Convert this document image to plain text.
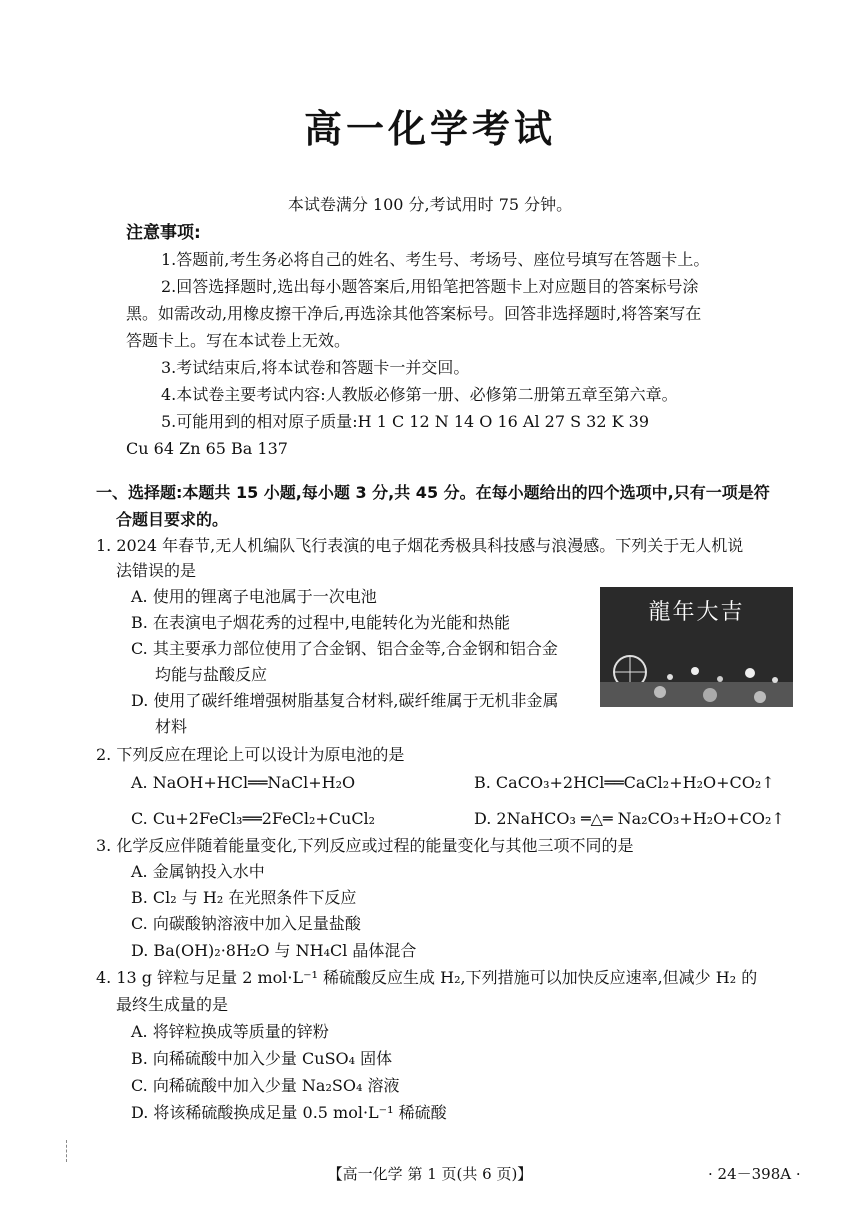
高一化学考试
本试卷满分 100 分,考试用时 75 分钟。
注意事项:
1.答题前,考生务必将自己的姓名、考生号、考场号、座位号填写在答题卡上。
2.回答选择题时,选出每小题答案后,用铅笔把答题卡上对应题目的答案标号涂
黑。如需改动,用橡皮擦干净后,再选涂其他答案标号。回答非选择题时,将答案写在
答题卡上。写在本试卷上无效。
3.考试结束后,将本试卷和答题卡一并交回。
4.本试卷主要考试内容:人教版必修第一册、必修第二册第五章至第六章。
5.可能用到的相对原子质量:H 1 C 12 N 14 O 16 Al 27 S 32 K 39
Cu 64 Zn 65 Ba 137
一、选择题:本题共 15 小题,每小题 3 分,共 45 分。在每小题给出的四个选项中,只有一项是符
合题目要求的。
1. 2024 年春节,无人机编队飞行表演的电子烟花秀极具科技感与浪漫感。下列关于无人机说
法错误的是
A. 使用的锂离子电池属于一次电池
B. 在表演电子烟花秀的过程中,电能转化为光能和热能
C. 其主要承力部位使用了合金钢、铝合金等,合金钢和铝合金
均能与盐酸反应
D. 使用了碳纤维增强树脂基复合材料,碳纤维属于无机非金属
材料
龍年大吉
2. 下列反应在理论上可以设计为原电池的是
A. NaOH+HCl══NaCl+H₂O	B. CaCO₃+2HCl══CaCl₂+H₂O+CO₂↑
C. Cu+2FeCl₃══2FeCl₂+CuCl₂	D. 2NaHCO₃ ═△═ Na₂CO₃+H₂O+CO₂↑
3. 化学反应伴随着能量变化,下列反应或过程的能量变化与其他三项不同的是
A. 金属钠投入水中
B. Cl₂ 与 H₂ 在光照条件下反应
C. 向碳酸钠溶液中加入足量盐酸
D. Ba(OH)₂·8H₂O 与 NH₄Cl 晶体混合
4. 13 g 锌粒与足量 2 mol·L⁻¹ 稀硫酸反应生成 H₂,下列措施可以加快反应速率,但减少 H₂ 的
最终生成量的是
A. 将锌粒换成等质量的锌粉
B. 向稀硫酸中加入少量 CuSO₄ 固体
C. 向稀硫酸中加入少量 Na₂SO₄ 溶液
D. 将该稀硫酸换成足量 0.5 mol·L⁻¹ 稀硫酸
【高一化学 第 1 页(共 6 页)】	· 24－398A ·
